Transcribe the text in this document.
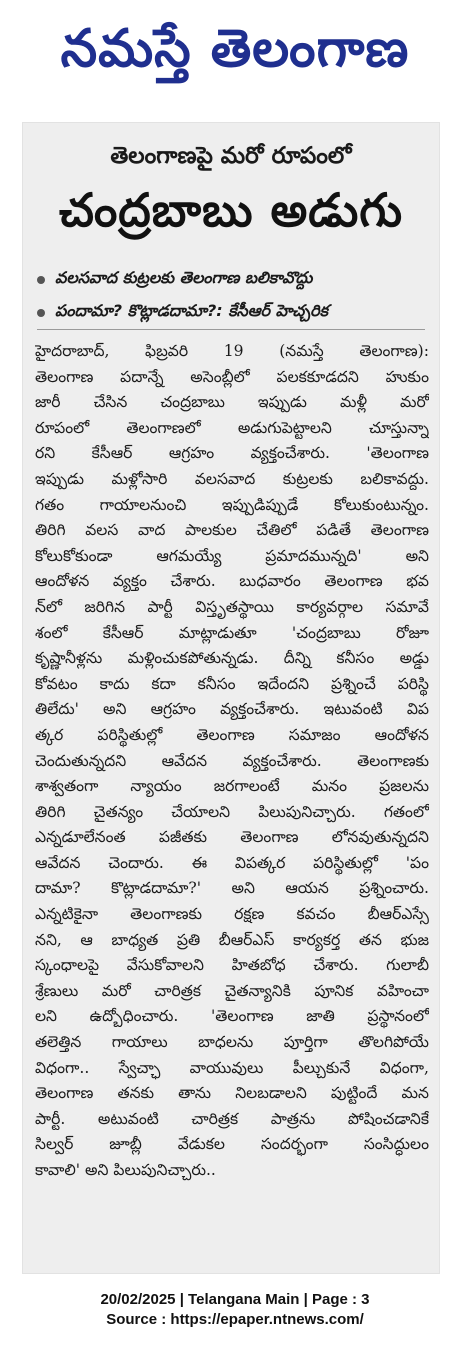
నమస్తే తెలంగాణ
తెలంగాణపై మరో రూపంలో
చంద్రబాబు అడుగు
వలసవాద కుట్రలకు తెలంగాణ బలికావొద్దు
పందామా? కొట్లాడదామా?: కేసీఆర్ హెచ్చరిక
హైదరాబాద్, ఫిబ్రవరి 19 (నమస్తే తెలంగాణ):
తెలంగాణ పదాన్నే అసెంబ్లీలో పలకకూడదని హుకుం
జారీ చేసిన చంద్రబాబు ఇప్పుడు మళ్లీ మరో
రూపంలో తెలంగాణలో అడుగుపెట్టాలని చూస్తున్నా
రని కేసీఆర్ ఆగ్రహం వ్యక్తంచేశారు. 'తెలంగాణ
ఇప్పుడు మళ్లోసారి వలసవాద కుట్రలకు బలికావద్దు.
గతం గాయాలనుంచి ఇప్పుడిప్పుడే కోలుకుంటున్నం.
తిరిగి వలస వాద పాలకుల చేతిలో పడితే తెలంగాణ
కోలుకోకుండా ఆగమయ్యే ప్రమాదమున్నది' అని
ఆందోళన వ్యక్తం చేశారు. బుధవారం తెలంగాణ భవ
న్‌లో జరిగిన పార్టీ విస్తృతస్థాయి కార్యవర్గాల సమావే
శంలో కేసీఆర్ మాట్లాడుతూ 'చంద్రబాబు రోజూ
కృష్ణానీళ్లను మళ్లించుకపోతున్నడు. దీన్ని కనీసం అడ్డు
కోవటం కాదు కదా కనీసం ఇదేందని ప్రశ్నించే పరిస్థి
తిలేదు' అని ఆగ్రహం వ్యక్తంచేశారు. ఇటువంటి విప
త్కర పరిస్థితుల్లో తెలంగాణ సమాజం ఆందోళన
చెందుతున్నదని ఆవేదన వ్యక్తంచేశారు. తెలంగాణకు
శాశ్వతంగా న్యాయం జరగాలంటే మనం ప్రజలను
తిరిగి చైతన్యం చేయాలని పిలుపునిచ్చారు. గతంలో
ఎన్నడూలేనంత పజీతకు తెలంగాణ లోనవుతున్నదని
ఆవేదన చెందారు. ఈ విపత్కర పరిస్థితుల్లో 'పం
దామా? కొట్లాడదామా?' అని ఆయన ప్రశ్నించారు.
ఎన్నటికైనా తెలంగాణకు రక్షణ కవచం బీఆర్ఎస్సే
నని, ఆ బాధ్యత ప్రతి బీఆర్ఎస్ కార్యకర్త తన భుజ
స్కంధాలపై వేసుకోవాలని హితబోధ చేశారు. గులాబీ
శ్రేణులు మరో చారిత్రక చైతన్యానికి పూనిక వహించా
లని ఉద్బోధించారు. 'తెలంగాణ జాతి ప్రస్థానంలో
తలెత్తిన గాయాలు బాధలను పూర్తిగా తొలగిపోయే
విధంగా.. స్వేచ్ఛా వాయువులు పీల్చుకునే విధంగా,
తెలంగాణ తనకు తాను నిలబడాలని పుట్టిందే మన
పార్టీ. అటువంటి చారిత్రక పాత్రను పోషించడానికే
సిల్వర్ జూబ్లీ వేడుకల సందర్భంగా సంసిద్ధులం
కావాలి' అని పిలుపునిచ్చారు..
20/02/2025 | Telangana Main | Page : 3
Source : https://epaper.ntnews.com/
